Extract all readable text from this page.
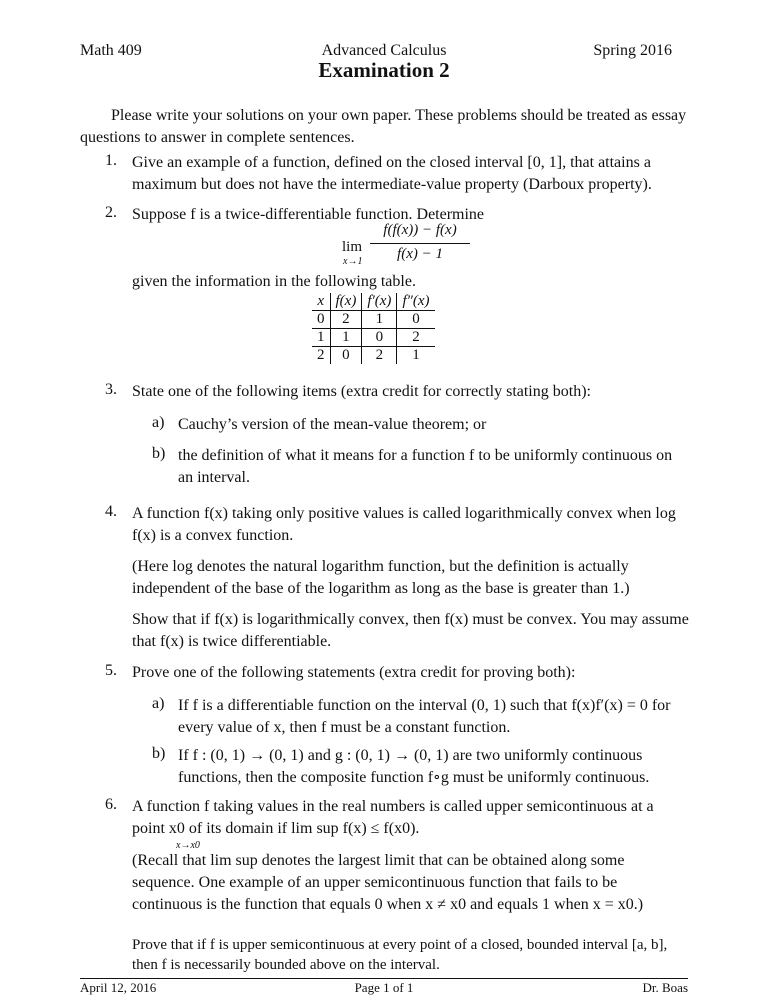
Math 409	Advanced Calculus	Spring 2016
Examination 2
Please write your solutions on your own paper. These problems should be treated as essay questions to answer in complete sentences.
1. Give an example of a function, defined on the closed interval [0, 1], that attains a maximum but does not have the intermediate-value property (Darboux property).
2. Suppose f is a twice-differentiable function. Determine
lim
x→1
f(f(x)) − f(x)
f(x) − 1
given the information in the following table.
x	f(x)	f′(x)	f″(x)
0	2	1	0
1	1	0	2
2	0	2	1
3. State one of the following items (extra credit for correctly stating both):
a) Cauchy’s version of the mean-value theorem; or
b) the definition of what it means for a function f to be uniformly continuous on an interval.
4. A function f(x) taking only positive values is called logarithmically convex when log f(x) is a convex function.
(Here log denotes the natural logarithm function, but the definition is actually independent of the base of the logarithm as long as the base is greater than 1.)
Show that if f(x) is logarithmically convex, then f(x) must be convex. You may assume that f(x) is twice differentiable.
5. Prove one of the following statements (extra credit for proving both):
a) If f is a differentiable function on the interval (0, 1) such that f(x)f′(x) = 0 for every value of x, then f must be a constant function.
b) If f : (0, 1) → (0, 1) and g : (0, 1) → (0, 1) are two uniformly continuous functions, then the composite function f∘g must be uniformly continuous.
6. A function f taking values in the real numbers is called upper semicontinuous at a point x0 of its domain if lim sup f(x) ≤ f(x0).
x→x0
(Recall that lim sup denotes the largest limit that can be obtained along some sequence. One example of an upper semicontinuous function that fails to be continuous is the function that equals 0 when x ≠ x0 and equals 1 when x = x0.)
Prove that if f is upper semicontinuous at every point of a closed, bounded interval [a, b], then f is necessarily bounded above on the interval.
April 12, 2016	Page 1 of 1	Dr. Boas
